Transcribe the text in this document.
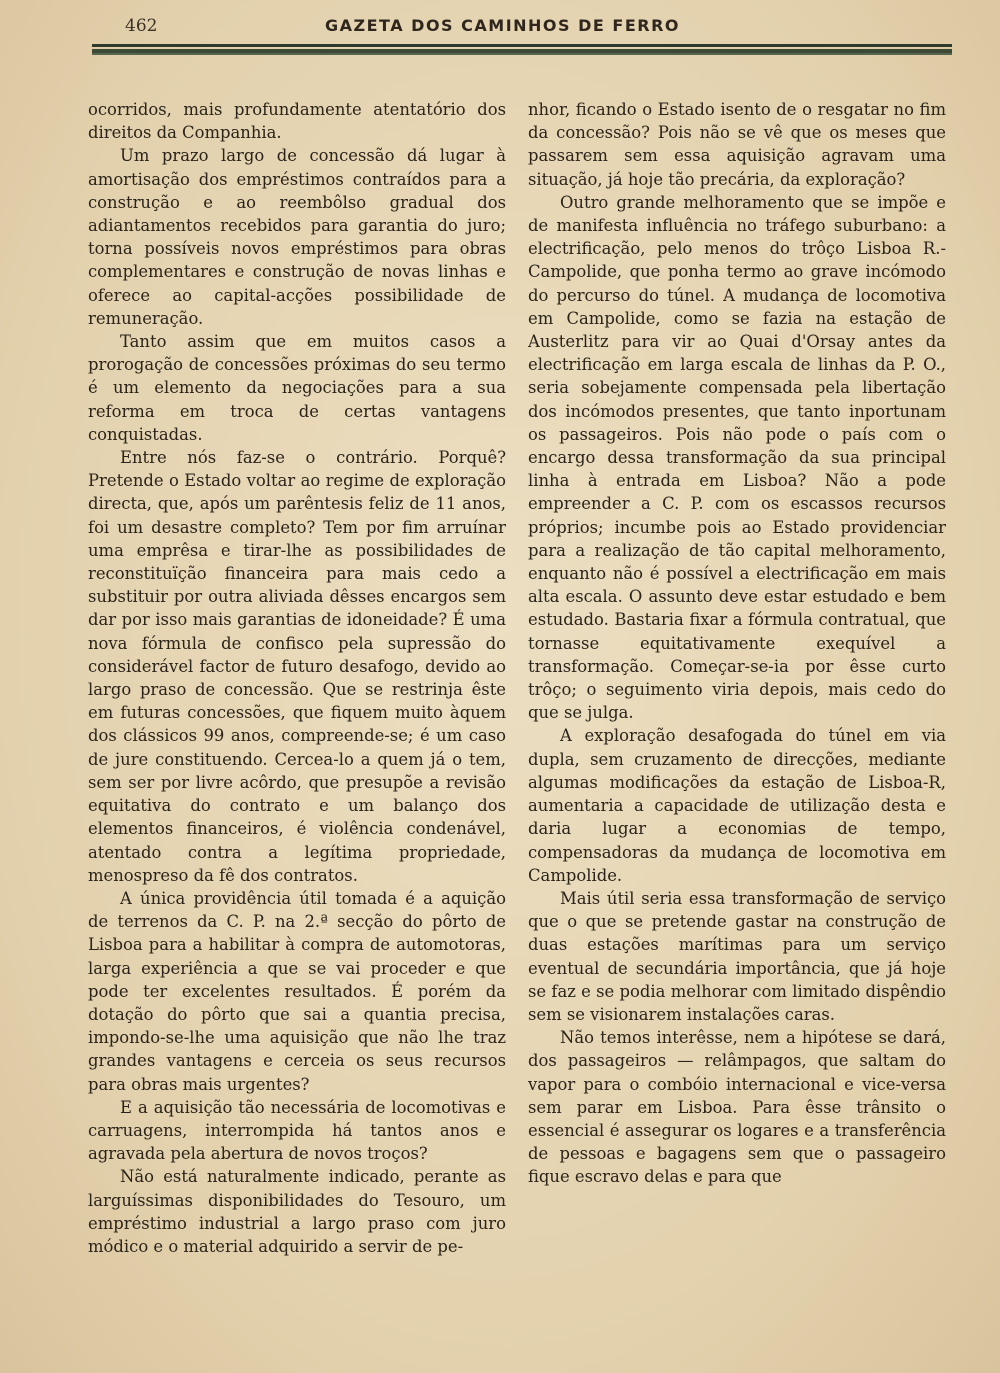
462	GAZETA DOS CAMINHOS DE FERRO

ocorridos, mais profundamente atentatório dos direitos da Companhia.

Um prazo largo de concessão dá lugar à amortisação dos empréstimos contraídos para a construção e ao reembôlso gradual dos adiantamentos recebidos para garantia do juro; torna possíveis novos empréstimos para obras complementares e construção de novas linhas e oferece ao capital-acções possibilidade de remuneração.

Tanto assim que em muitos casos a prorogação de concessões próximas do seu termo é um elemento da negociações para a sua reforma em troca de certas vantagens conquistadas.

Entre nós faz-se o contrário. Porquê? Pretende o Estado voltar ao regime de exploração directa, que, após um parêntesis feliz de 11 anos, foi um desastre completo? Tem por fim arruínar uma emprêsa e tirar-lhe as possibilidades de reconstituïção financeira para mais cedo a substituir por outra aliviada dêsses encargos sem dar por isso mais garantias de idoneidade? É uma nova fórmula de confisco pela supressão do considerável factor de futuro desafogo, devido ao largo praso de concessão. Que se restrinja êste em futuras concessões, que fiquem muito àquem dos clássicos 99 anos, compreende-se; é um caso de jure constituendo. Cercea-lo a quem já o tem, sem ser por livre acôrdo, que presupõe a revisão equitativa do contrato e um balanço dos elementos financeiros, é violência condenável, atentado contra a legítima propriedade, menospreso da fê dos contratos.

A única providência útil tomada é a aquição de terrenos da C. P. na 2.ª secção do pôrto de Lisboa para a habilitar à compra de automotoras, larga experiência a que se vai proceder e que pode ter excelentes resultados. É porém da dotação do pôrto que sai a quantia precisa, impondo-se-lhe uma aquisição que não lhe traz grandes vantagens e cerceia os seus recursos para obras mais urgentes?

E a aquisição tão necessária de locomotivas e carruagens, interrompida há tantos anos e agravada pela abertura de novos troços?

Não está naturalmente indicado, perante as larguíssimas disponibilidades do Tesouro, um empréstimo industrial a largo praso com juro módico e o material adquirido a servir de pe-

nhor, ficando o Estado isento de o resgatar no fim da concessão? Pois não se vê que os meses que passarem sem essa aquisição agravam uma situação, já hoje tão precária, da exploração?

Outro grande melhoramento que se impõe e de manifesta influência no tráfego suburbano: a electrificação, pelo menos do trôço Lisboa R.-Campolide, que ponha termo ao grave incómodo do percurso do túnel. A mudança de locomotiva em Campolide, como se fazia na estação de Austerlitz para vir ao Quai d'Orsay antes da electrificação em larga escala de linhas da P. O., seria sobejamente compensada pela libertação dos incómodos presentes, que tanto inportunam os passageiros. Pois não pode o país com o encargo dessa transformação da sua principal linha à entrada em Lisboa? Não a pode empreender a C. P. com os escassos recursos próprios; incumbe pois ao Estado providenciar para a realização de tão capital melhoramento, enquanto não é possível a electrificação em mais alta escala. O assunto deve estar estudado e bem estudado. Bastaria fixar a fórmula contratual, que tornasse equitativamente exequível a transformação. Começar-se-ia por êsse curto trôço; o seguimento viria depois, mais cedo do que se julga.

A exploração desafogada do túnel em via dupla, sem cruzamento de direcções, mediante algumas modificações da estação de Lisboa-R, aumentaria a capacidade de utilização desta e daria lugar a economias de tempo, compensadoras da mudança de locomotiva em Campolide.

Mais útil seria essa transformação de serviço que o que se pretende gastar na construção de duas estações marítimas para um serviço eventual de secundária importância, que já hoje se faz e se podia melhorar com limitado dispêndio sem se visionarem instalações caras.

Não temos interêsse, nem a hipótese se dará, dos passageiros — relâmpagos, que saltam do vapor para o combóio internacional e vice-versa sem parar em Lisboa. Para êsse trânsito o essencial é assegurar os logares e a transferência de pessoas e bagagens sem que o passageiro fique escravo delas e para que
